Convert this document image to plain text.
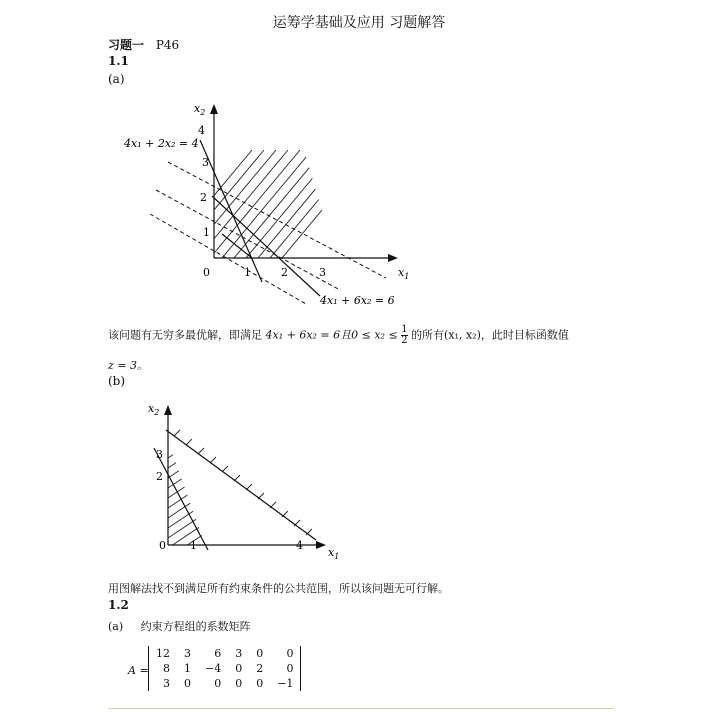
运筹学基础及应用 习题解答
习题一 P46
1.1
(a)
$x_2$
$x_1$
4
3
2
1
0	1	2	3
4x₁ + 2x₂ = 4
4x₁ + 6x₂ = 6
$x_2$
$x_1$
3
2
0 1	4
该问题有无穷多最优解，即满足 4x₁ + 6x₂ = 6且$0 \le x_2 \le \frac{1}{2}$ 的所有(x₁, x₂)，此时目标函数值
z = 3。
(b)
用图解法找不到满足所有约束条件的公共范围，所以该问题无可行解。
1.2
(a) 约束方程组的系数矩阵
A =
12	3	6	3	0	0
8	1	−4	0	2	0
3	0	0	0	0	−1
